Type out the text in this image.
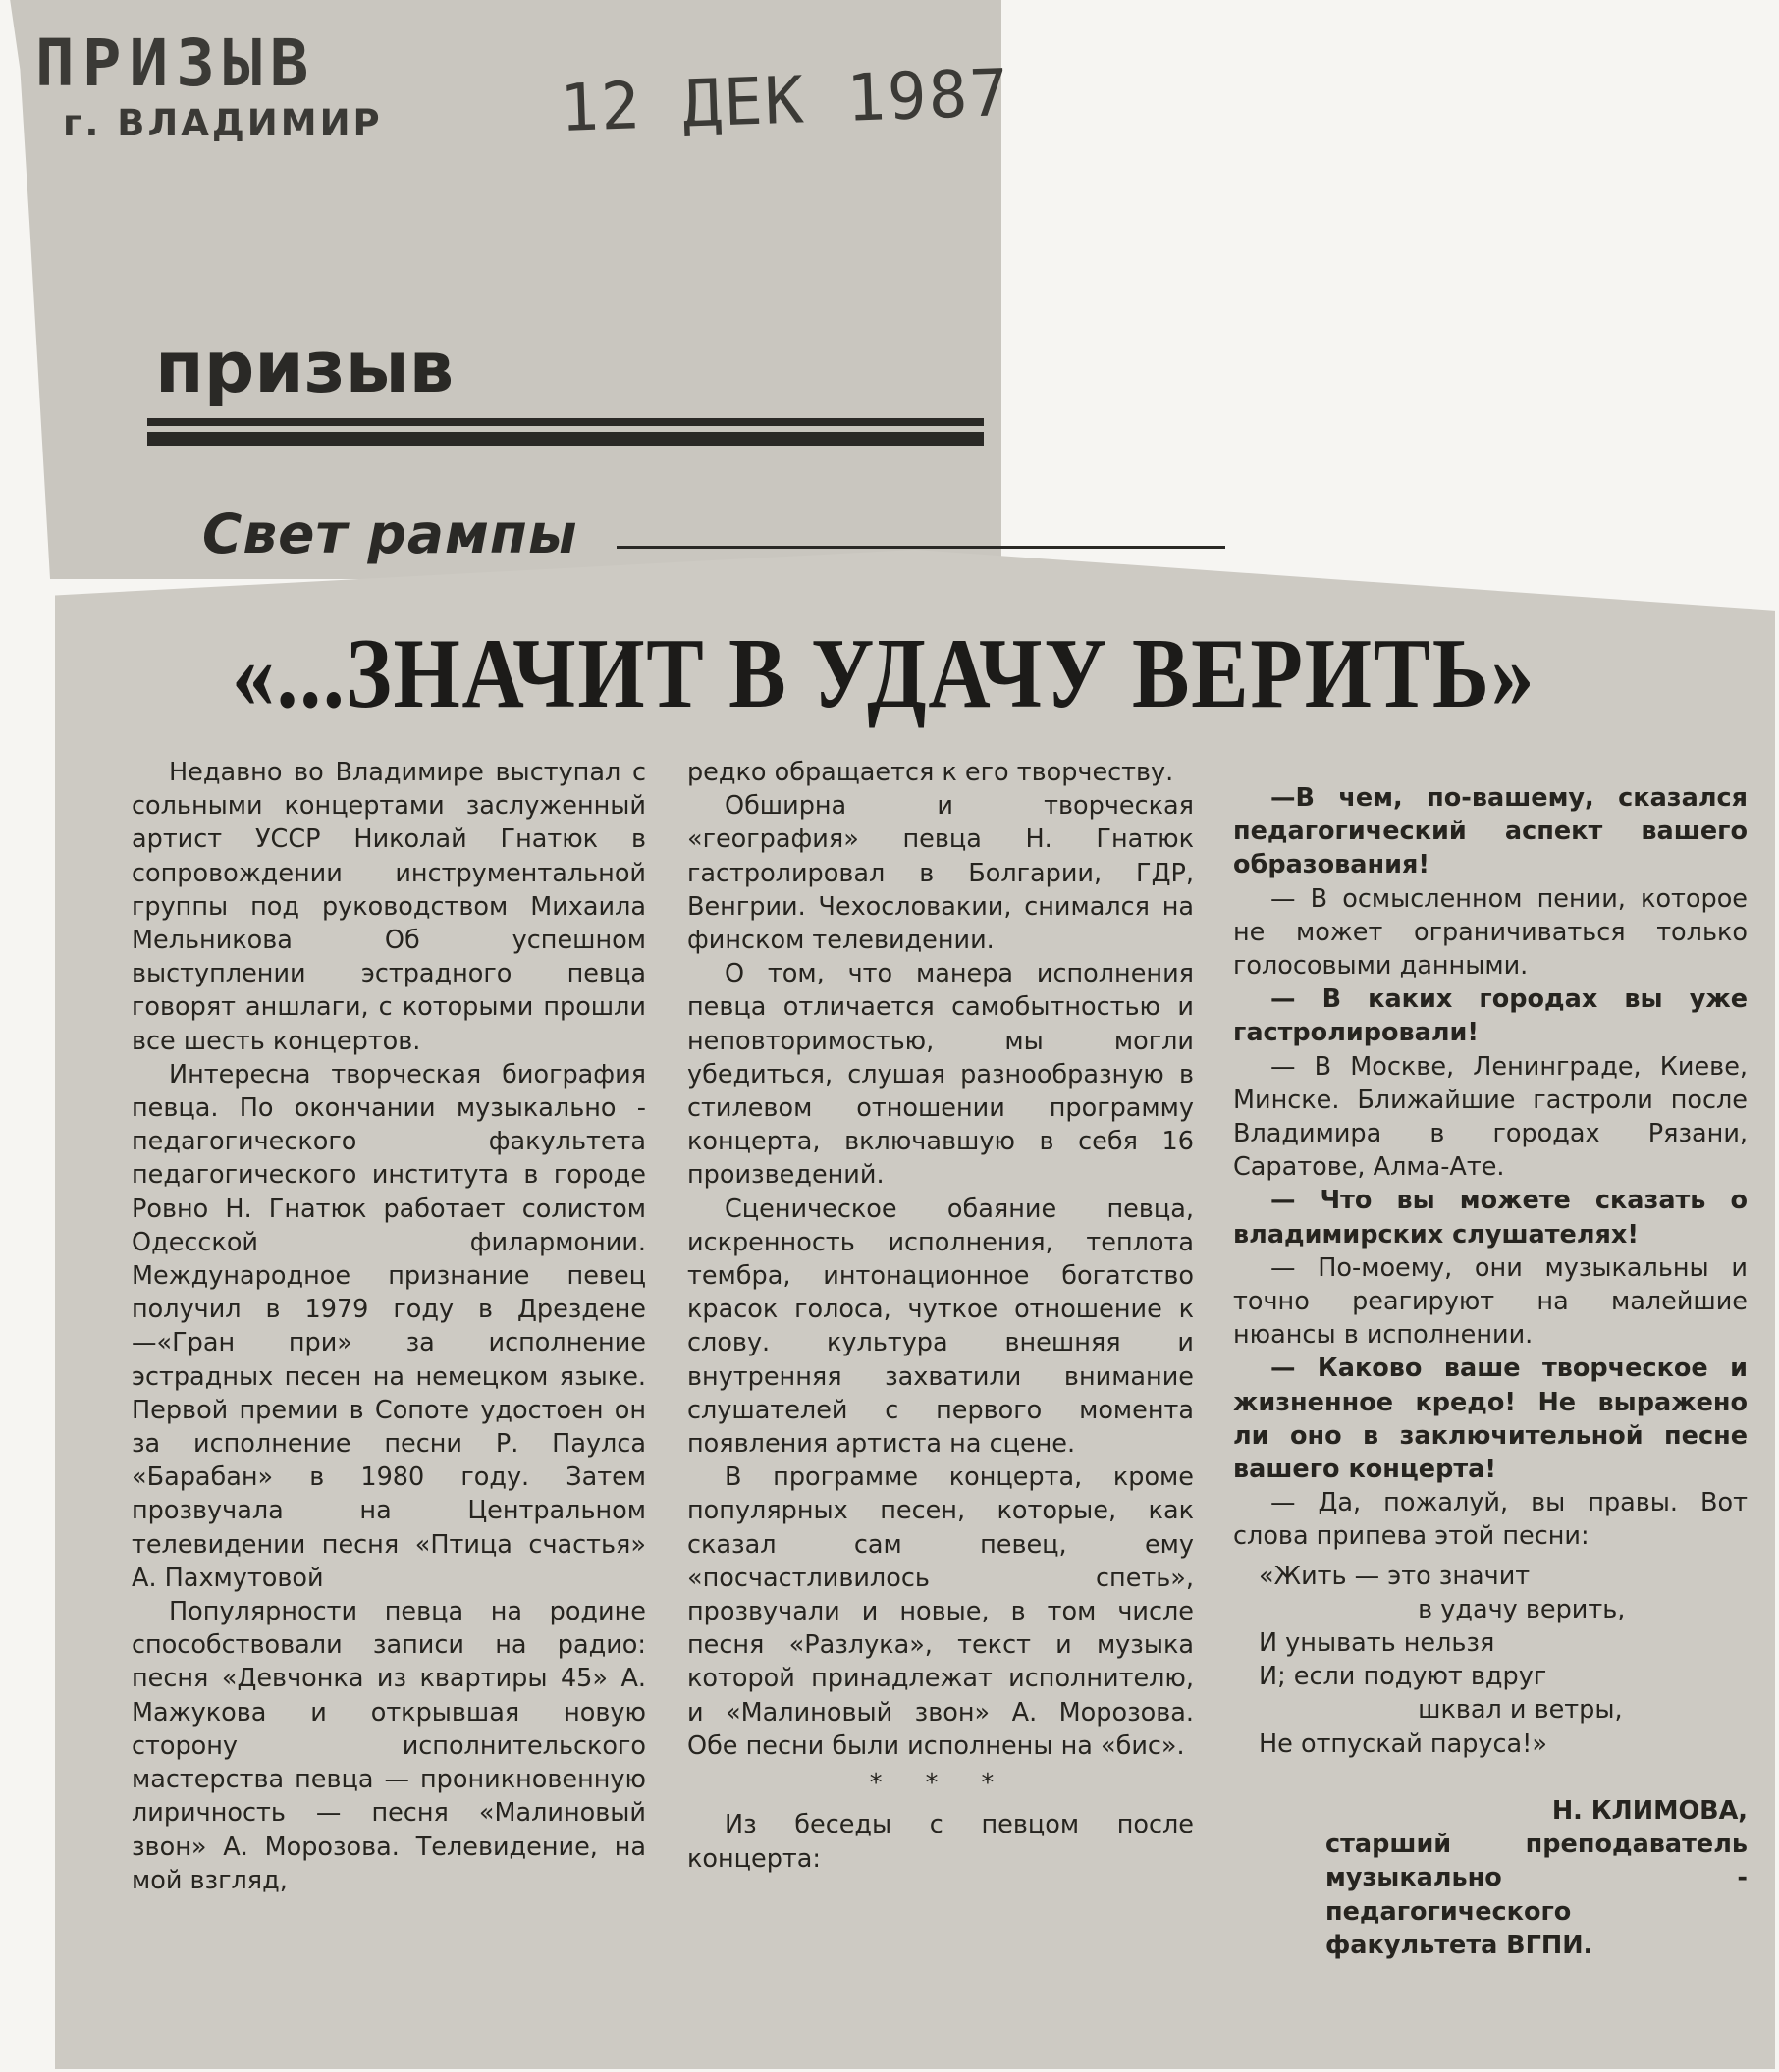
ПРИЗЫВ
г. ВЛАДИМИР	12 ДЕК 1987
призыв
Свет рампы
«...ЗНАЧИТ В УДАЧУ ВЕРИТЬ»

Недавно во Владимире выступал с сольными концертами заслуженный артист УССР Николай Гнатюк в сопровождении инструментальной группы под руководством Михаила Мельникова Об успешном выступлении эстрадного певца говорят аншлаги, с которыми прошли все шесть концертов.

Интересна творческая биография певца. По окончании музыкально - педагогического факультета педагогического института в городе Ровно Н. Гнатюк работает солистом Одесской филармонии. Международное признание певец получил в 1979 году в Дрездене—«Гран при» за исполнение эстрадных песен на немецком языке. Первой премии в Сопоте удостоен он за исполнение песни Р. Паулса «Барабан» в 1980 году. Затем прозвучала на Центральном телевидении песня «Птица счастья» А. Пахмутовой

Популярности певца на родине способствовали записи на радио: песня «Девчонка из квартиры 45» А. Мажукова и открывшая новую сторону исполнительского мастерства певца — проникновенную лиричность — песня «Малиновый звон» А. Морозова. Телевидение, на мой взгляд,

редко обращается к его творчеству.

Обширна и творческая «география» певца Н. Гнатюк гастролировал в Болгарии, ГДР, Венгрии. Чехословакии, снимался на финском телевидении.

О том, что манера исполнения певца отличается самобытностью и неповторимостью, мы могли убедиться, слушая разнообразную в стилевом отношении программу концерта, включавшую в себя 16 произведений.

Сценическое обаяние певца, искренность исполнения, теплота тембра, интонационное богатство красок голоса, чуткое отношение к слову. культура внешняя и внутренняя захватили внимание слушателей с первого момента появления артиста на сцене.

В программе концерта, кроме популярных песен, которые, как сказал сам певец, ему «посчастливилось спеть», прозвучали и новые, в том числе песня «Разлука», текст и музыка которой принадлежат исполнителю, и «Малиновый звон» А. Морозова. Обе песни были исполнены на «бис».

* * *

Из беседы с певцом после концерта:

—В чем, по-вашему, сказался педагогический аспект вашего образования!

— В осмысленном пении, которое не может ограничиваться только голосовыми данными.

— В каких городах вы уже гастролировали!

— В Москве, Ленинграде, Киеве, Минске. Ближайшие гастроли после Владимира в городах Рязани, Саратове, Алма-Ате.

— Что вы можете сказать о владимирских слушателях!

— По-моему, они музыкальны и точно реагируют на малейшие нюансы в исполнении.

— Каково ваше творческое и жизненное кредо! Не выражено ли оно в заключительной песне вашего концерта!

— Да, пожалуй, вы правы. Вот слова припева этой песни:

«Жить — это значит
в удачу верить,
И унывать нельзя
И; если подуют вдруг
шквал и ветры,
Не отпускай паруса!»
Н. КЛИМОВА,
старший преподаватель музыкально - педагогического факультета ВГПИ.
